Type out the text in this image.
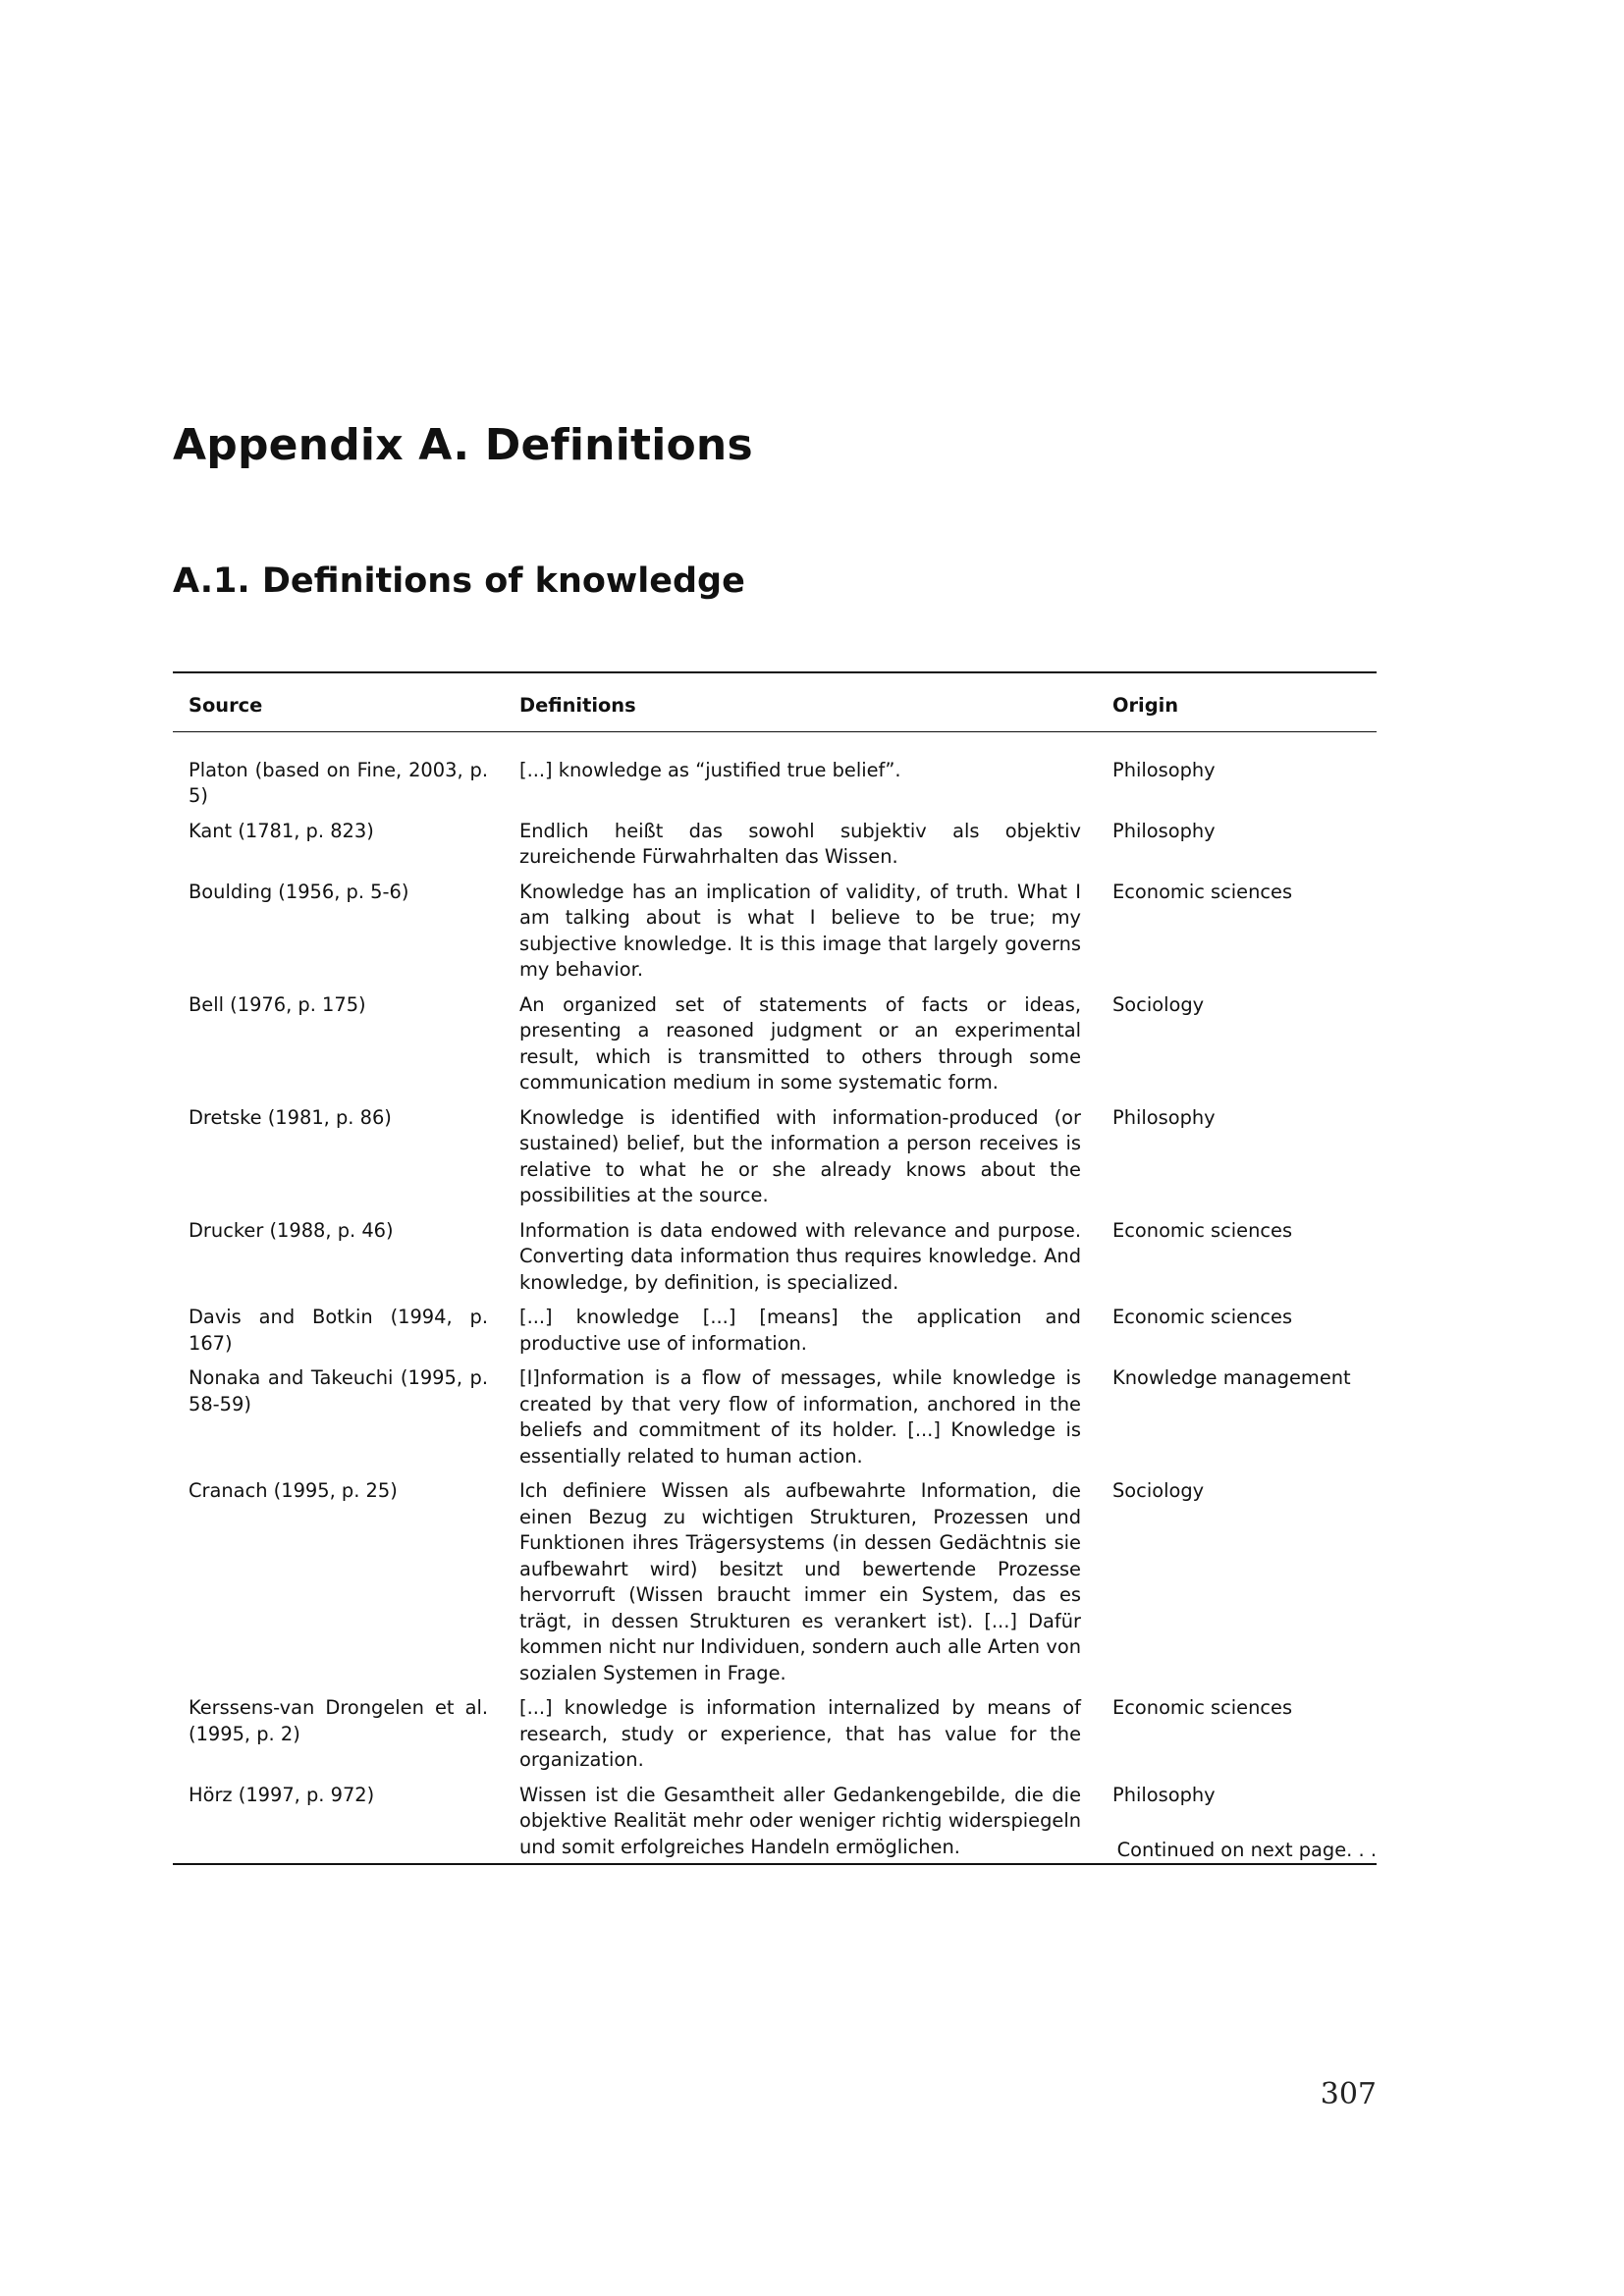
Appendix A. Definitions
A.1. Definitions of knowledge
Source	Definitions	Origin
Platon (based on Fine, 2003, p. 5)	[...] knowledge as “justified true belief”.	Philosophy
Kant (1781, p. 823)	Endlich heißt das sowohl subjektiv als objektiv zureichende Fürwahrhalten das Wissen.	Philosophy
Boulding (1956, p. 5-6)	Knowledge has an implication of validity, of truth. What I am talking about is what I believe to be true; my subjective knowledge. It is this image that largely governs my behavior.	Economic sciences
Bell (1976, p. 175)	An organized set of statements of facts or ideas, presenting a reasoned judgment or an experimental result, which is transmitted to others through some communication medium in some systematic form.	Sociology
Dretske (1981, p. 86)	Knowledge is identified with information-produced (or sustained) belief, but the information a person receives is relative to what he or she already knows about the possibilities at the source.	Philosophy
Drucker (1988, p. 46)	Information is data endowed with relevance and purpose. Converting data information thus requires knowledge. And knowledge, by definition, is specialized.	Economic sciences
Davis and Botkin (1994, p. 167)	[...] knowledge [...] [means] the application and productive use of information.	Economic sciences
Nonaka and Takeuchi (1995, p. 58-59)	[I]nformation is a flow of messages, while knowledge is created by that very flow of information, anchored in the beliefs and commitment of its holder. [...] Knowledge is essentially related to human action.	Knowledge management
Cranach (1995, p. 25)	Ich definiere Wissen als aufbewahrte Information, die einen Bezug zu wichtigen Strukturen, Prozessen und Funktionen ihres Trägersystems (in dessen Gedächtnis sie aufbewahrt wird) besitzt und bewertende Prozesse hervorruft (Wissen braucht immer ein System, das es trägt, in dessen Strukturen es verankert ist). [...] Dafür kommen nicht nur Individuen, sondern auch alle Arten von sozialen Systemen in Frage.	Sociology
Kerssens-van Drongelen et al. (1995, p. 2)	[...] knowledge is information internalized by means of research, study or experience, that has value for the organization.	Economic sciences
Hörz (1997, p. 972)	Wissen ist die Gesamtheit aller Gedankengebilde, die die objektive Realität mehr oder weniger richtig widerspiegeln und somit erfolgreiches Handeln ermöglichen.	Philosophy
Continued on next page. . .
307
